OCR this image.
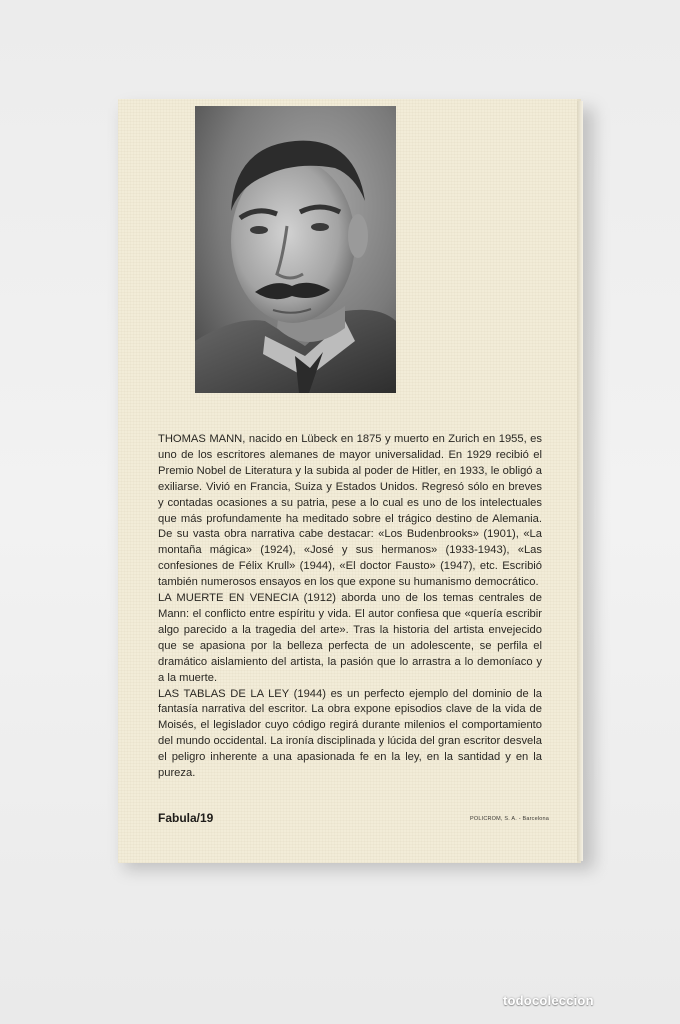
THOMAS MANN, nacido en Lübeck en 1875 y muerto en Zurich en 1955, es uno de los escritores alemanes de mayor universalidad. En 1929 recibió el Premio Nobel de Literatura y la subida al poder de Hitler, en 1933, le obligó a exiliarse. Vivió en Francia, Suiza y Estados Unidos. Regresó sólo en breves y contadas ocasiones a su patria, pese a lo cual es uno de los intelectuales que más profundamente ha meditado sobre el trágico destino de Alemania. De su vasta obra narrativa cabe destacar: «Los Budenbrooks» (1901), «La montaña mágica» (1924), «José y sus hermanos» (1933-1943), «Las confesiones de Félix Krull» (1944), «El doctor Fausto» (1947), etc. Escribió también numerosos ensayos en los que expone su humanismo democrático.

LA MUERTE EN VENECIA (1912) aborda uno de los temas centrales de Mann: el conflicto entre espíritu y vida. El autor confiesa que «quería escribir algo parecido a la tragedia del arte». Tras la historia del artista envejecido que se apasiona por la belleza perfecta de un adolescente, se perfila el dramático aislamiento del artista, la pasión que lo arrastra a lo demoníaco y a la muerte.

LAS TABLAS DE LA LEY (1944) es un perfecto ejemplo del dominio de la fantasía narrativa del escritor. La obra expone episodios clave de la vida de Moisés, el legislador cuyo código regirá durante milenios el comportamiento del mundo occidental. La ironía disciplinada y lúcida del gran escritor desvela el peligro inherente a una apasionada fe en la ley, en la santidad y en la pureza.

Fabula/19	POLICROM, S. A. - Barcelona
todocoleccion
